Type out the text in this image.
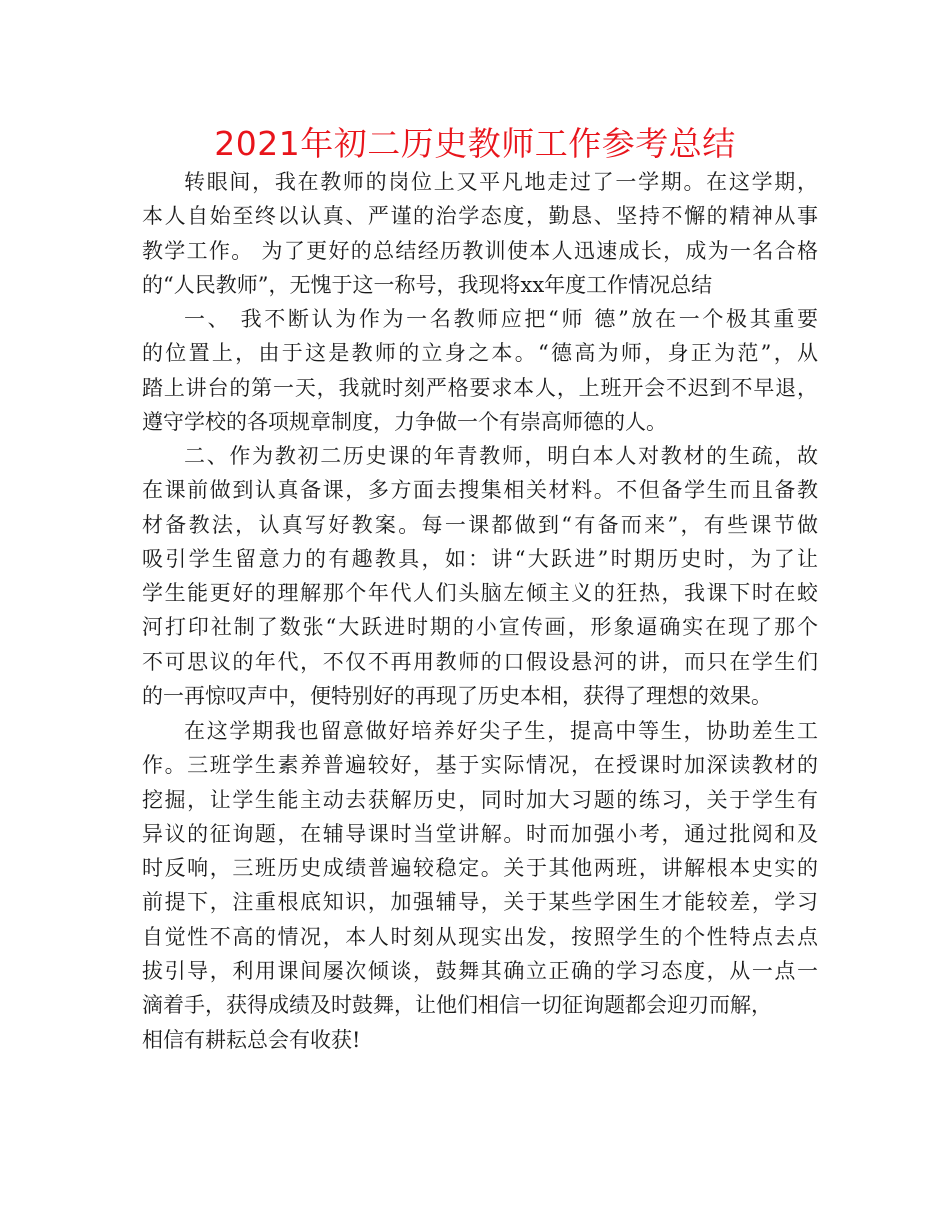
2021年初二历史教师工作参考总结
转眼间，我在教师的岗位上又平凡地走过了一学期。在这学期，
本人自始至终以认真、严谨的治学态度，勤恳、坚持不懈的精神从事
教学工作。 为了更好的总结经历教训使本人迅速成长，成为一名合格
的“人民教师”，无愧于这一称号，我现将xx年度工作情况总结
一、 我不断认为作为一名教师应把“师 德”放在一个极其重要
的位置上，由于这是教师的立身之本。“德高为师，身正为范”，从
踏上讲台的第一天，我就时刻严格要求本人，上班开会不迟到不早退，
遵守学校的各项规章制度，力争做一个有崇高师德的人。
二、作为教初二历史课的年青教师，明白本人对教材的生疏，故
在课前做到认真备课，多方面去搜集相关材料。不但备学生而且备教
材备教法，认真写好教案。每一课都做到“有备而来”，有些课节做
吸引学生留意力的有趣教具，如：讲“大跃进”时期历史时，为了让
学生能更好的理解那个年代人们头脑左倾主义的狂热，我课下时在蛟
河打印社制了数张“大跃进时期的小宣传画，形象逼确实在现了那个
不可思议的年代，不仅不再用教师的口假设悬河的讲，而只在学生们
的一再惊叹声中，便特别好的再现了历史本相，获得了理想的效果。
在这学期我也留意做好培养好尖子生，提高中等生，协助差生工
作。三班学生素养普遍较好，基于实际情况，在授课时加深读教材的
挖掘，让学生能主动去获解历史，同时加大习题的练习，关于学生有
异议的征询题，在辅导课时当堂讲解。时而加强小考，通过批阅和及
时反响，三班历史成绩普遍较稳定。关于其他两班，讲解根本史实的
前提下，注重根底知识，加强辅导，关于某些学困生才能较差，学习
自觉性不高的情况，本人时刻从现实出发，按照学生的个性特点去点
拔引导，利用课间屡次倾谈，鼓舞其确立正确的学习态度，从一点一
滴着手，获得成绩及时鼓舞，让他们相信一切征询题都会迎刃而解，
相信有耕耘总会有收获!
